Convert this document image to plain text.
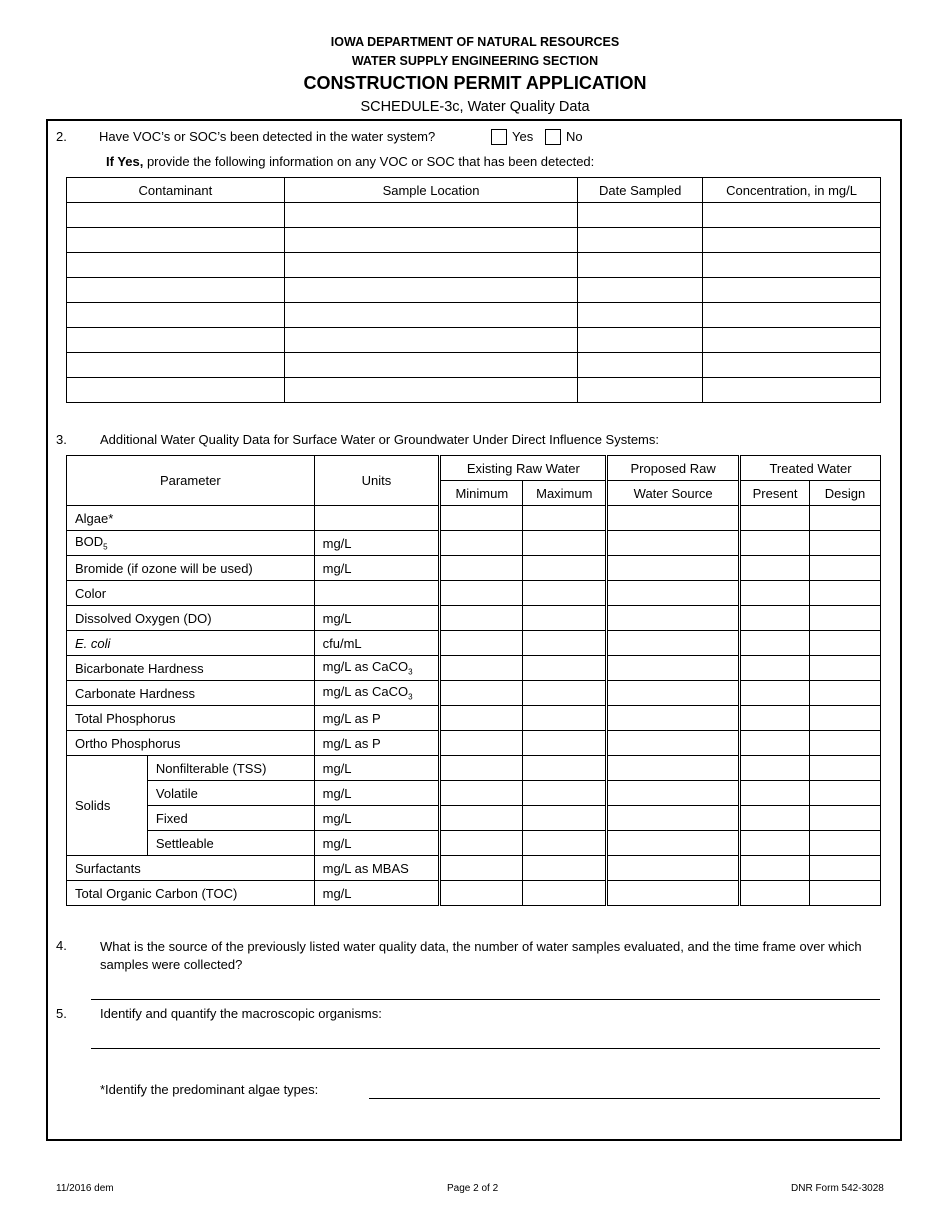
IOWA DEPARTMENT OF NATURAL RESOURCES
WATER SUPPLY ENGINEERING SECTION
CONSTRUCTION PERMIT APPLICATION
SCHEDULE-3c, Water Quality Data
2. Have VOC’s or SOC’s been detected in the water system?	Yes	No
If Yes, provide the following information on any VOC or SOC that has been detected:
Contaminant	Sample Location	Date Sampled	Concentration, in mg/L

3.	Additional Water Quality Data for Surface Water or Groundwater Under Direct Influence Systems:
Parameter		Units	Existing Raw Water		Proposed Raw	Treated Water	
			Minimum	Maximum	Water Source	Present	Design
Algae*							
$BOD_5$		mg/L					
Bromide (if ozone will be used)		mg/L					
Color							
Dissolved Oxygen (DO)		mg/L					
E. coli		cfu/mL					
Bicarbonate Hardness		mg/L as CaCO$_3$					
Carbonate Hardness		mg/L as CaCO$_3$					
Total Phosphorus		mg/L as P					
Ortho Phosphorus		mg/L as P					
Solids	Nonfilterable (TSS)	mg/L					
	Volatile	mg/L					
	Fixed	mg/L					
	Settleable	mg/L					
Surfactants		mg/L as MBAS					
Total Organic Carbon (TOC)		mg/L					
4.	What is the source of the previously listed water quality data, the number of water samples evaluated, and the time frame over which samples were collected?
5.	Identify and quantify the macroscopic organisms:
*Identify the predominant algae types:
11/2016 dem	Page 2 of 2	DNR Form 542-3028
